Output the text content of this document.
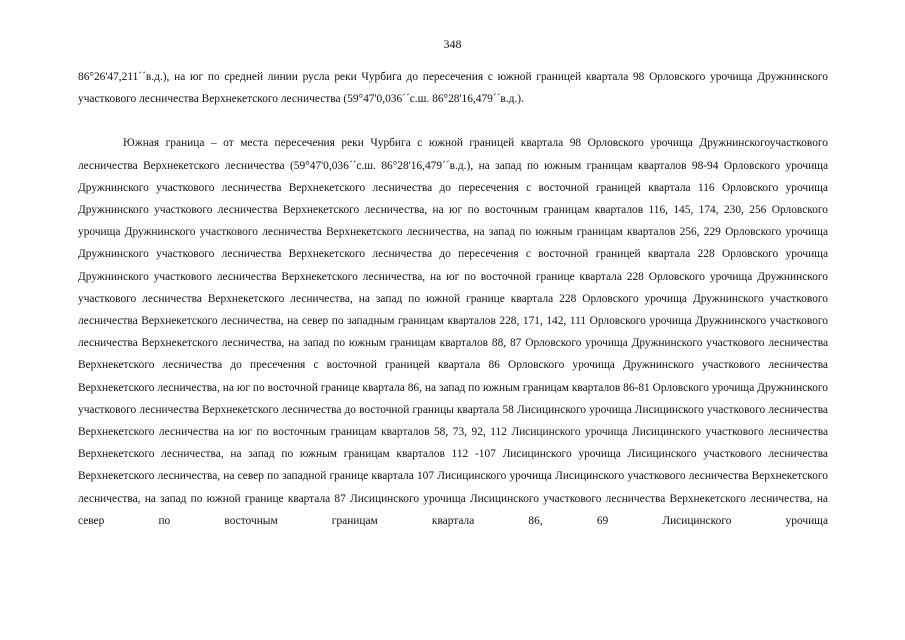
348

86°26'47,211´´в.д.), на юг по средней линии русла реки Чурбига до пересечения с южной границей квартала 98 Орловского урочища Дружнинского участкового лесничества Верхнекетского лесничества (59°47'0,036´´с.ш. 86°28'16,479´´в.д.).

Южная граница – от места пересечения реки Чурбига с южной границей квартала 98 Орловского урочища Дружнинскогоучасткового лесничества Верхнекетского лесничества (59°47'0,036´´с.ш. 86°28'16,479´´в.д.), на запад по южным границам кварталов 98-94 Орловского урочища Дружнинского участкового лесничества Верхнекетского лесничества до пересечения с восточной границей квартала 116 Орловского урочища Дружнинского участкового лесничества Верхнекетского лесничества, на юг по восточным границам кварталов 116, 145, 174, 230, 256 Орловского урочища Дружнинского участкового лесничества Верхнекетского лесничества, на запад по южным границам кварталов 256, 229 Орловского урочища Дружнинского участкового лесничества Верхнекетского лесничества до пересечения с восточной границей квартала 228 Орловского урочища Дружнинского участкового лесничества Верхнекетского лесничества, на юг по восточной границе квартала 228 Орловского урочища Дружнинского участкового лесничества Верхнекетского лесничества, на запад по южной границе квартала 228 Орловского урочища Дружнинского участкового лесничества Верхнекетского лесничества, на север по западным границам кварталов 228, 171, 142, 111 Орловского урочища Дружнинского участкового лесничества Верхнекетского лесничества, на запад по южным границам кварталов 88, 87 Орловского урочища Дружнинского участкового лесничества Верхнекетского лесничества до пресечения с восточной границей квартала 86 Орловского урочища Дружнинского участкового лесничества Верхнекетского лесничества, на юг по восточной границе квартала 86, на запад по южным границам кварталов 86-81 Орловского урочища Дружнинского участкового лесничества Верхнекетского лесничества до восточной границы квартала 58 Лисицинского урочища Лисицинского участкового лесничества Верхнекетского лесничества на юг по восточным границам кварталов 58, 73, 92, 112 Лисицинского урочища Лисицинского участкового лесничества Верхнекетского лесничества, на запад по южным границам кварталов 112 -107 Лисицинского урочища Лисицинского участкового лесничества Верхнекетского лесничества, на север по западной границе квартала 107 Лисицинского урочища Лисицинского участкового лесничества Верхнекетского лесничества, на запад по южной границе квартала 87 Лисицинского урочища Лисицинского участкового лесничества Верхнекетского лесничества, на север по восточным границам квартала 86, 69 Лисицинского урочища
